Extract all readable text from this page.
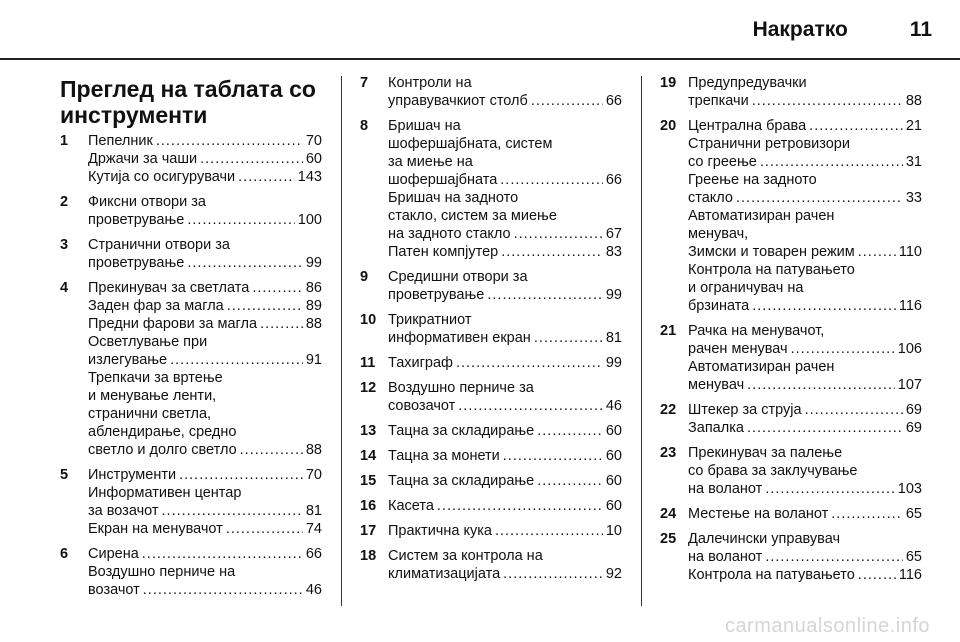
Накратко	11
Преглед на таблата со
инструменти
1	Пепелник .....	70
Држачи за чаши .....	60
Кутија со осигурувачи .....	143
2	Фиксни отвори за
проветрување .....	100
3	Странични отвори за
проветрување .....	99
4	Прекинувач за светлата .....	86
Заден фар за магла .....	89
Предни фарови за магла .....	88
Осветлување при
излегување .....	91
Трепкачи за вртење
и менување ленти,
странични светла,
аблендирање, средно
светло и долго светло .....	88
5	Инструменти .....	70
Информативен центар
за возачот .....	81
Екран на менувачот .....	74
6	Сирена .....	66
Воздушно перниче на
возачот .....	46
7	Контроли на
управувачкиот столб .....	66
8	Бришач на
шофершајбната, систем
за миење на
шофершајбната .....	66
Бришач на задното
стакло, систем за миење
на задното стакло .....	67
Патен компјутер .....	83
9	Средишни отвори за
проветрување .....	99
10 Трикратниот
информативен екран .....	81
11 Тахиграф .....	99
12 Воздушно перниче за
совозачот .....	46
13 Тацна за складирање .....	60
14 Тацна за монети .....	60
15 Тацна за складирање .....	60
16 Касета .....	60
17 Практична кука .....	10
18 Систем за контрола на
климатизацијата .....	92
19 Предупредувачки
трепкачи .....	88
20 Централна брава .....	21
Странични ретровизори
со греење .....	31
Греење на задното
стакло .....	33
Автоматизиран рачен
менувач,
Зимски и товарен режим .....	110
Контрола на патувањето
и ограничувач на
брзината .....	116
21 Рачка на менувачот,
рачен менувач .....	106
Автоматизиран рачен
менувач .....	107
22 Штекер за струја .....	69
Запалка .....	69
23 Прекинувач за палење
со брава за заклучување
на воланот .....	103
24 Местење на воланот .....	65
25 Далечински управувач
на воланот .....	65
Контрола на патувањето .....	116
carmanualsonline.info
